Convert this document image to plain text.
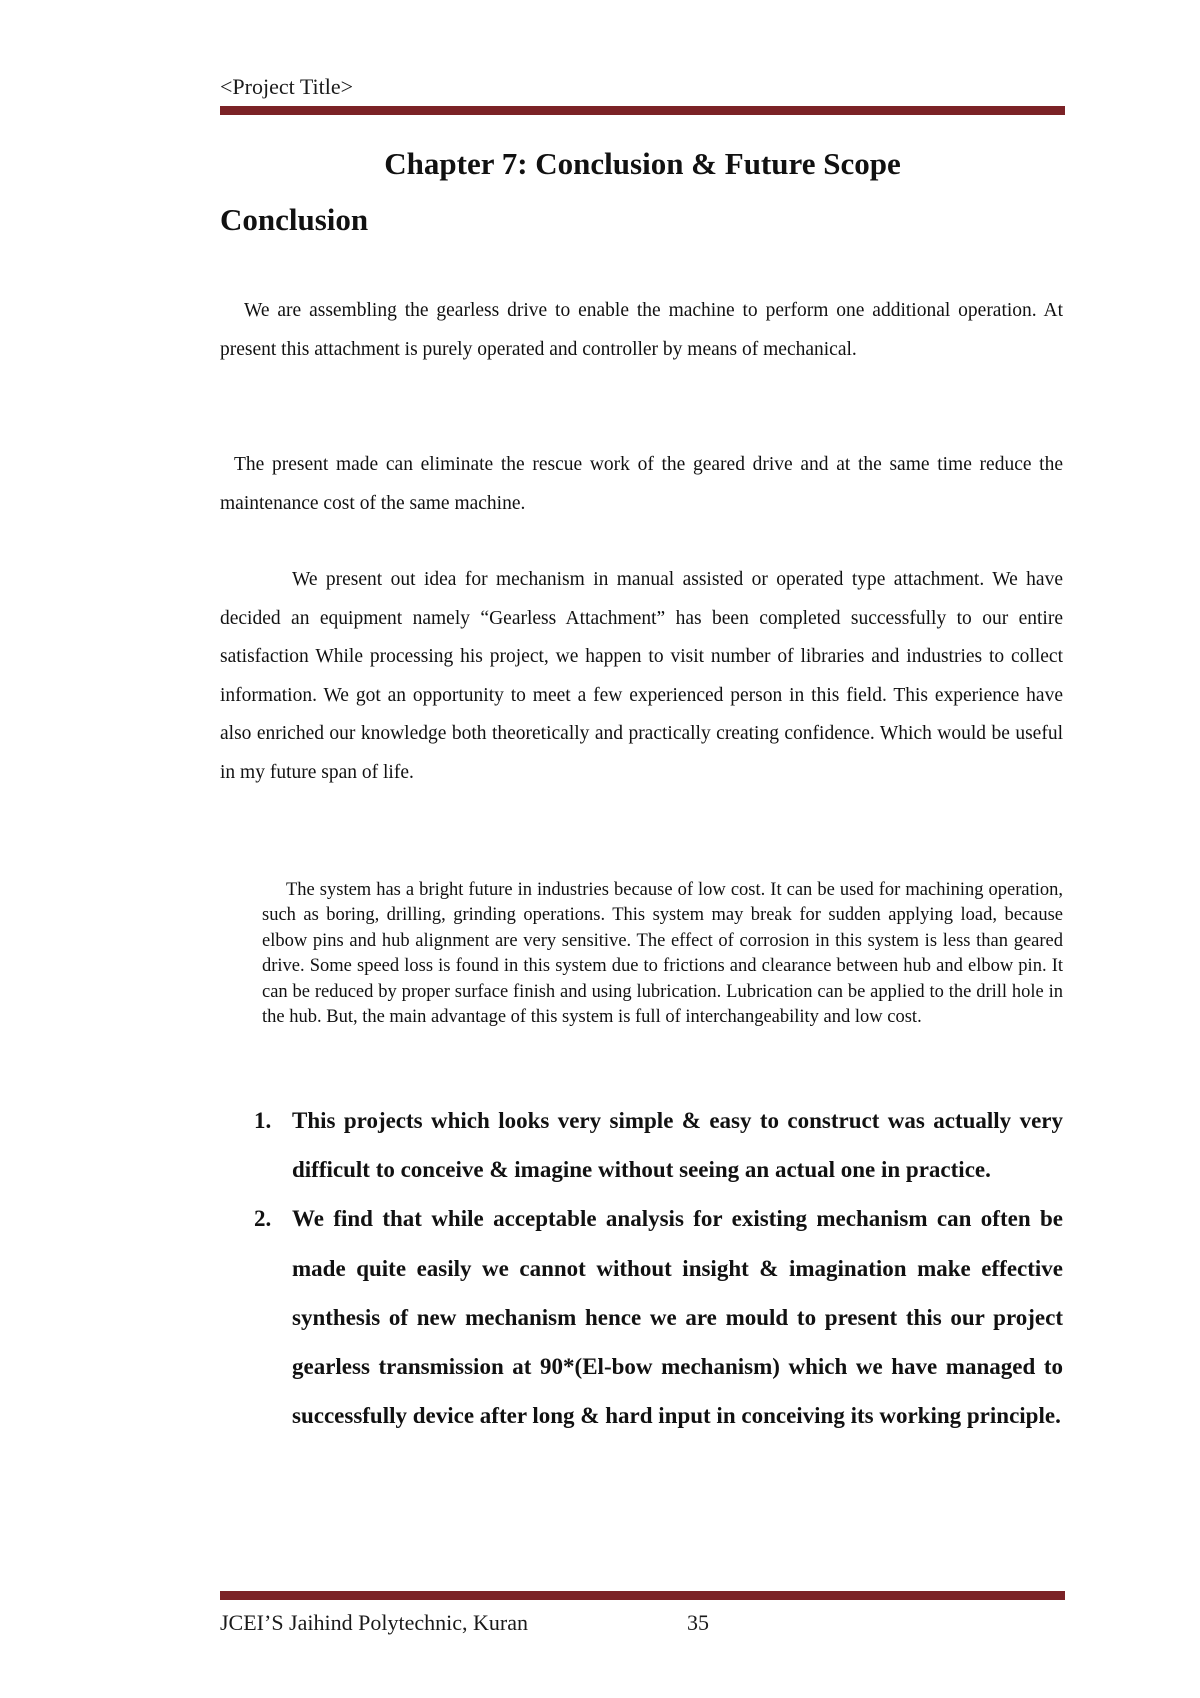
<Project Title>
Chapter 7: Conclusion & Future Scope
Conclusion

We are assembling the gearless drive to enable the machine to perform one additional operation. At present this attachment is purely operated and controller by means of mechanical.

The present made can eliminate the rescue work of the geared drive and at the same time reduce the maintenance cost of the same machine.

We present out idea for mechanism in manual assisted or operated type attachment. We have decided an equipment namely “Gearless Attachment” has been completed successfully to our entire satisfaction While processing his project, we happen to visit number of libraries and industries to collect information. We got an opportunity to meet a few experienced person in this field. This experience have also enriched our knowledge both theoretically and practically creating confidence. Which would be useful in my future span of life.

The system has a bright future in industries because of low cost. It can be used for machining operation, such as boring, drilling, grinding operations. This system may break for sudden applying load, because elbow pins and hub alignment are very sensitive. The effect of corrosion in this system is less than geared drive. Some speed loss is found in this system due to frictions and clearance between hub and elbow pin. It can be reduced by proper surface finish and using lubrication. Lubrication can be applied to the drill hole in the hub. But, the main advantage of this system is full of interchangeability and low cost.

1. This projects which looks very simple & easy to construct was actually very difficult to conceive & imagine without seeing an actual one in practice.
2. We find that while acceptable analysis for existing mechanism can often be made quite easily we cannot without insight & imagination make effective synthesis of new mechanism hence we are mould to present this our project gearless transmission at 90*(El-bow mechanism) which we have managed to successfully device after long & hard input in conceiving its working principle.
JCEI’S Jaihind Polytechnic, Kuran	35
